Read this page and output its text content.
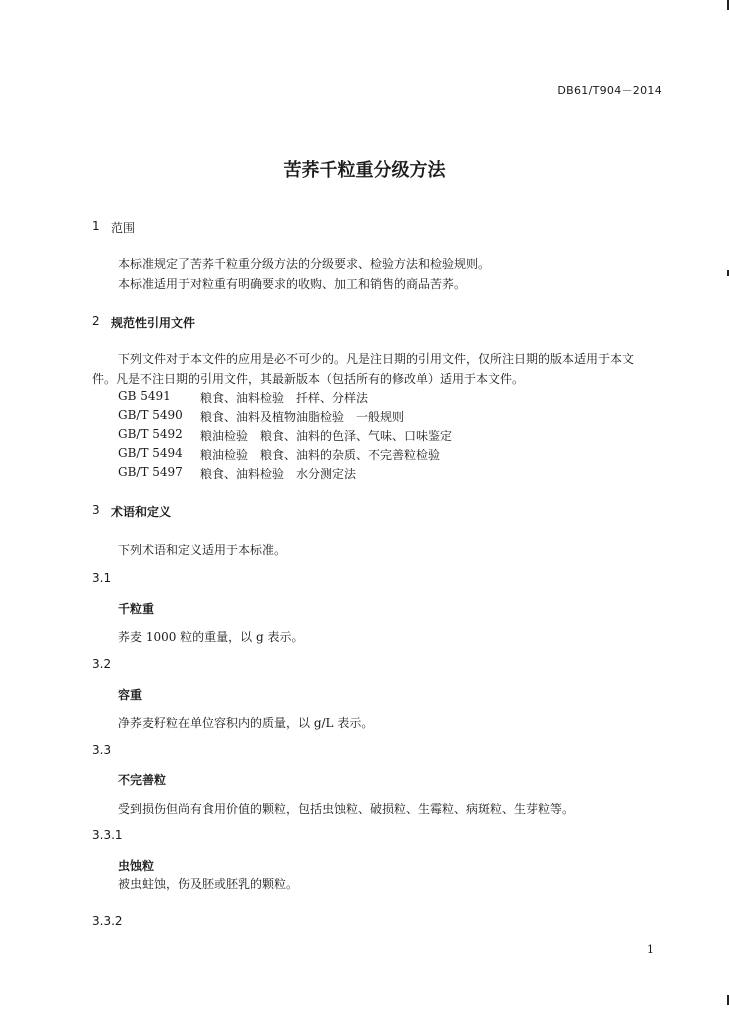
DB61/T904－2014
苦荞千粒重分级方法
1 范围
本标准规定了苦荞千粒重分级方法的分级要求、检验方法和检验规则。
本标准适用于对粒重有明确要求的收购、加工和销售的商品苦荞。
2 规范性引用文件
下列文件对于本文件的应用是必不可少的。凡是注日期的引用文件，仅所注日期的版本适用于本文
件。凡是不注日期的引用文件，其最新版本（包括所有的修改单）适用于本文件。
GB 5491 粮食、油料检验　扦样、分样法
GB/T 5490 粮食、油料及植物油脂检验　一般规则
GB/T 5492 粮油检验　粮食、油料的色泽、气味、口味鉴定
GB/T 5494 粮油检验　粮食、油料的杂质、不完善粒检验
GB/T 5497 粮食、油料检验　水分测定法
3 术语和定义
下列术语和定义适用于本标准。
3.1
千粒重
荞麦 1000 粒的重量，以 g 表示。
3.2
容重
净荞麦籽粒在单位容积内的质量，以 g/L 表示。
3.3
不完善粒
受到损伤但尚有食用价值的颗粒，包括虫蚀粒、破损粒、生霉粒、病斑粒、生芽粒等。
3.3.1
虫蚀粒
被虫蛀蚀，伤及胚或胚乳的颗粒。
3.3.2
1
